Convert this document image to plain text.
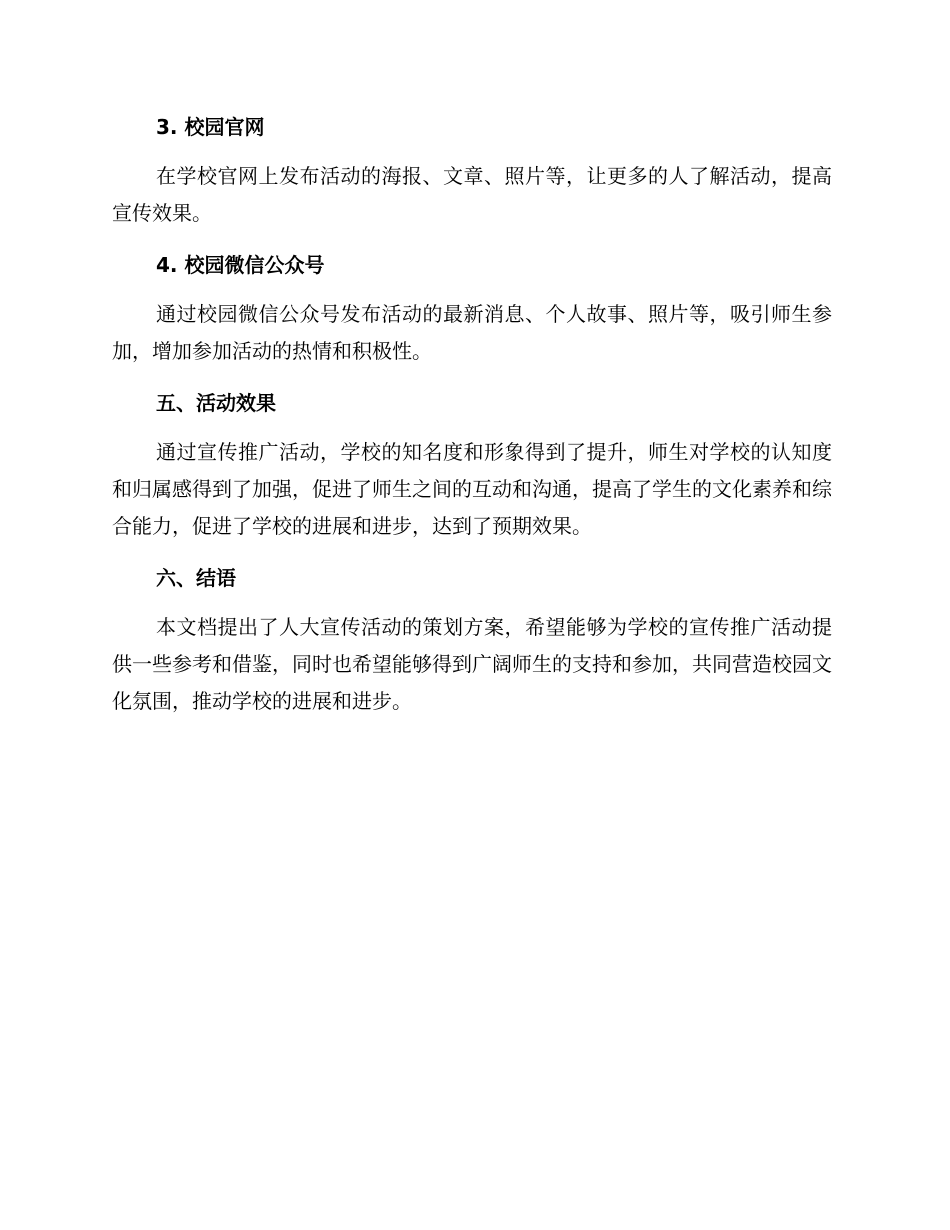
3. 校园官网

在学校官网上发布活动的海报、文章、照片等，让更多的人了解活动，提高宣传效果。

4. 校园微信公众号

通过校园微信公众号发布活动的最新消息、个人故事、照片等，吸引师生参加，增加参加活动的热情和积极性。

五、活动效果

通过宣传推广活动，学校的知名度和形象得到了提升，师生对学校的认知度和归属感得到了加强，促进了师生之间的互动和沟通，提高了学生的文化素养和综合能力，促进了学校的进展和进步，达到了预期效果。

六、结语

本文档提出了人大宣传活动的策划方案，希望能够为学校的宣传推广活动提供一些参考和借鉴，同时也希望能够得到广阔师生的支持和参加，共同营造校园文化氛围，推动学校的进展和进步。
